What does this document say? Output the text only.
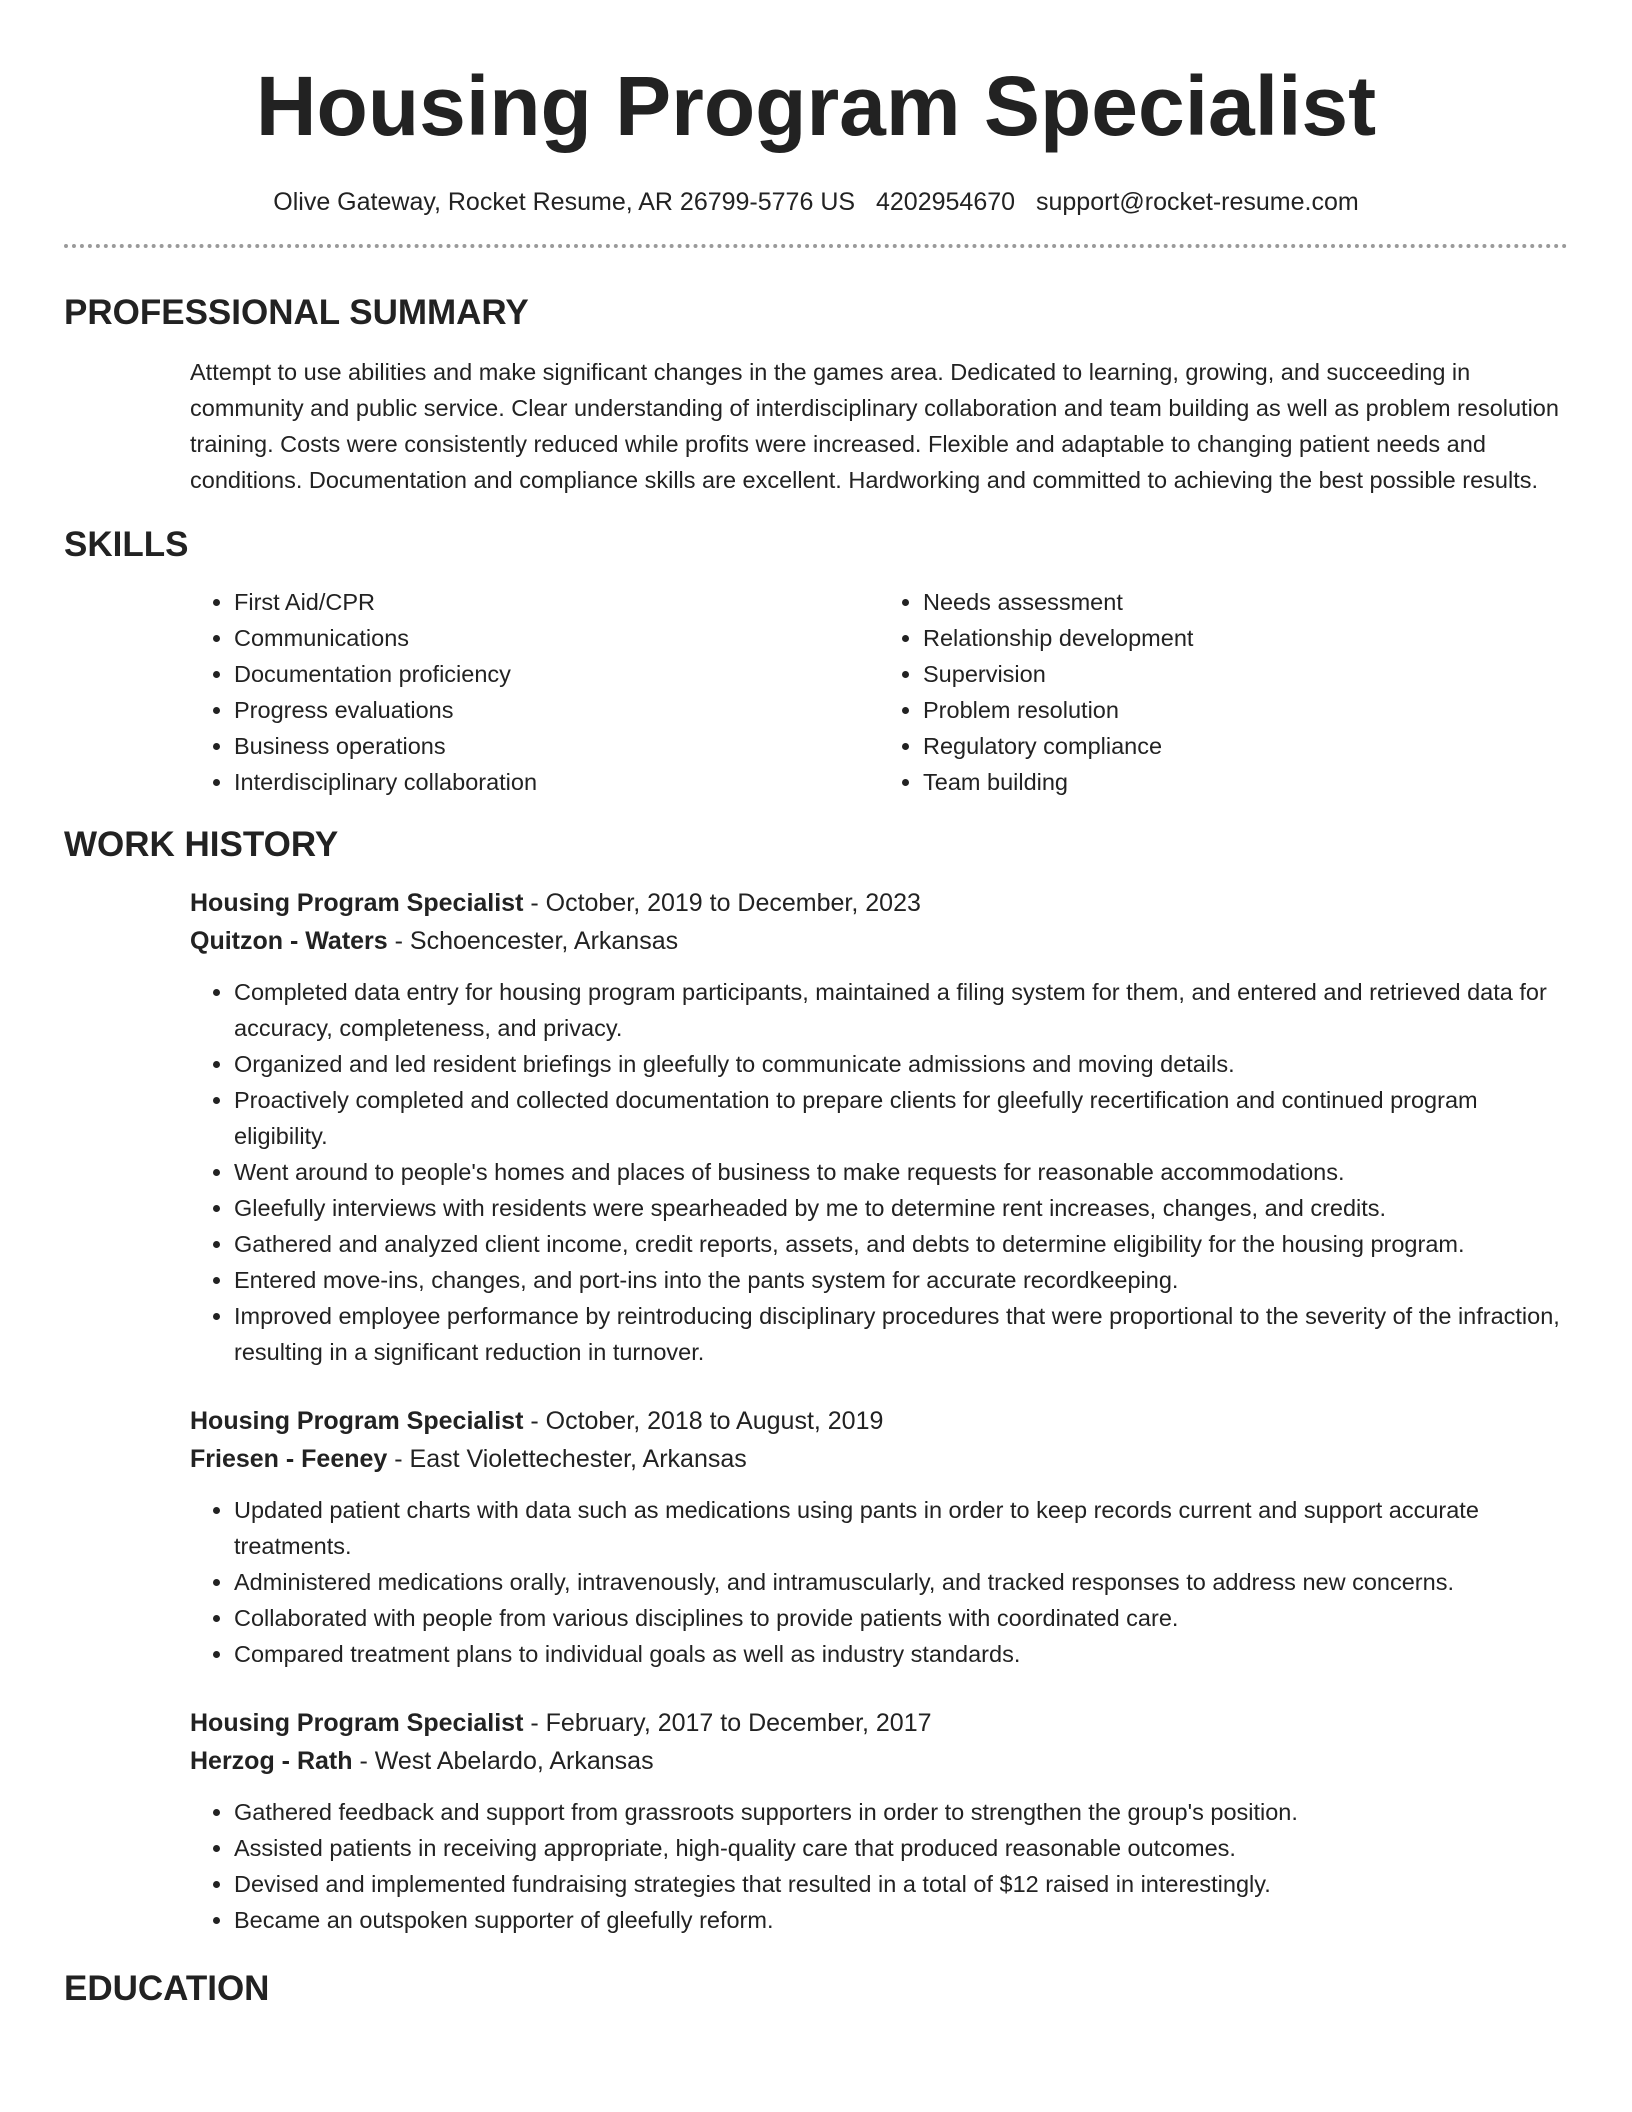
Housing Program Specialist
Olive Gateway, Rocket Resume, AR 26799-5776 US 4202954670 support@rocket-resume.com
PROFESSIONAL SUMMARY

Attempt to use abilities and make significant changes in the games area. Dedicated to learning, growing, and succeeding in community and public service. Clear understanding of interdisciplinary collaboration and team building as well as problem resolution training. Costs were consistently reduced while profits were increased. Flexible and adaptable to changing patient needs and conditions. Documentation and compliance skills are excellent. Hardworking and committed to achieving the best possible results.

SKILLS
• First Aid/CPR
• Communications
• Documentation proficiency
• Progress evaluations
• Business operations
• Interdisciplinary collaboration
• Needs assessment
• Relationship development
• Supervision
• Problem resolution
• Regulatory compliance
• Team building
WORK HISTORY
Housing Program Specialist - October, 2019 to December, 2023
Quitzon - Waters - Schoencester, Arkansas
• Completed data entry for housing program participants, maintained a filing system for them, and entered and retrieved data for accuracy, completeness, and privacy.
• Organized and led resident briefings in gleefully to communicate admissions and moving details.
• Proactively completed and collected documentation to prepare clients for gleefully recertification and continued program eligibility.
• Went around to people's homes and places of business to make requests for reasonable accommodations.
• Gleefully interviews with residents were spearheaded by me to determine rent increases, changes, and credits.
• Gathered and analyzed client income, credit reports, assets, and debts to determine eligibility for the housing program.
• Entered move-ins, changes, and port-ins into the pants system for accurate recordkeeping.
• Improved employee performance by reintroducing disciplinary procedures that were proportional to the severity of the infraction, resulting in a significant reduction in turnover.
Housing Program Specialist - October, 2018 to August, 2019
Friesen - Feeney - East Violettechester, Arkansas
• Updated patient charts with data such as medications using pants in order to keep records current and support accurate treatments.
• Administered medications orally, intravenously, and intramuscularly, and tracked responses to address new concerns.
• Collaborated with people from various disciplines to provide patients with coordinated care.
• Compared treatment plans to individual goals as well as industry standards.
Housing Program Specialist - February, 2017 to December, 2017
Herzog - Rath - West Abelardo, Arkansas
• Gathered feedback and support from grassroots supporters in order to strengthen the group's position.
• Assisted patients in receiving appropriate, high-quality care that produced reasonable outcomes.
• Devised and implemented fundraising strategies that resulted in a total of $12 raised in interestingly.
• Became an outspoken supporter of gleefully reform.
EDUCATION
